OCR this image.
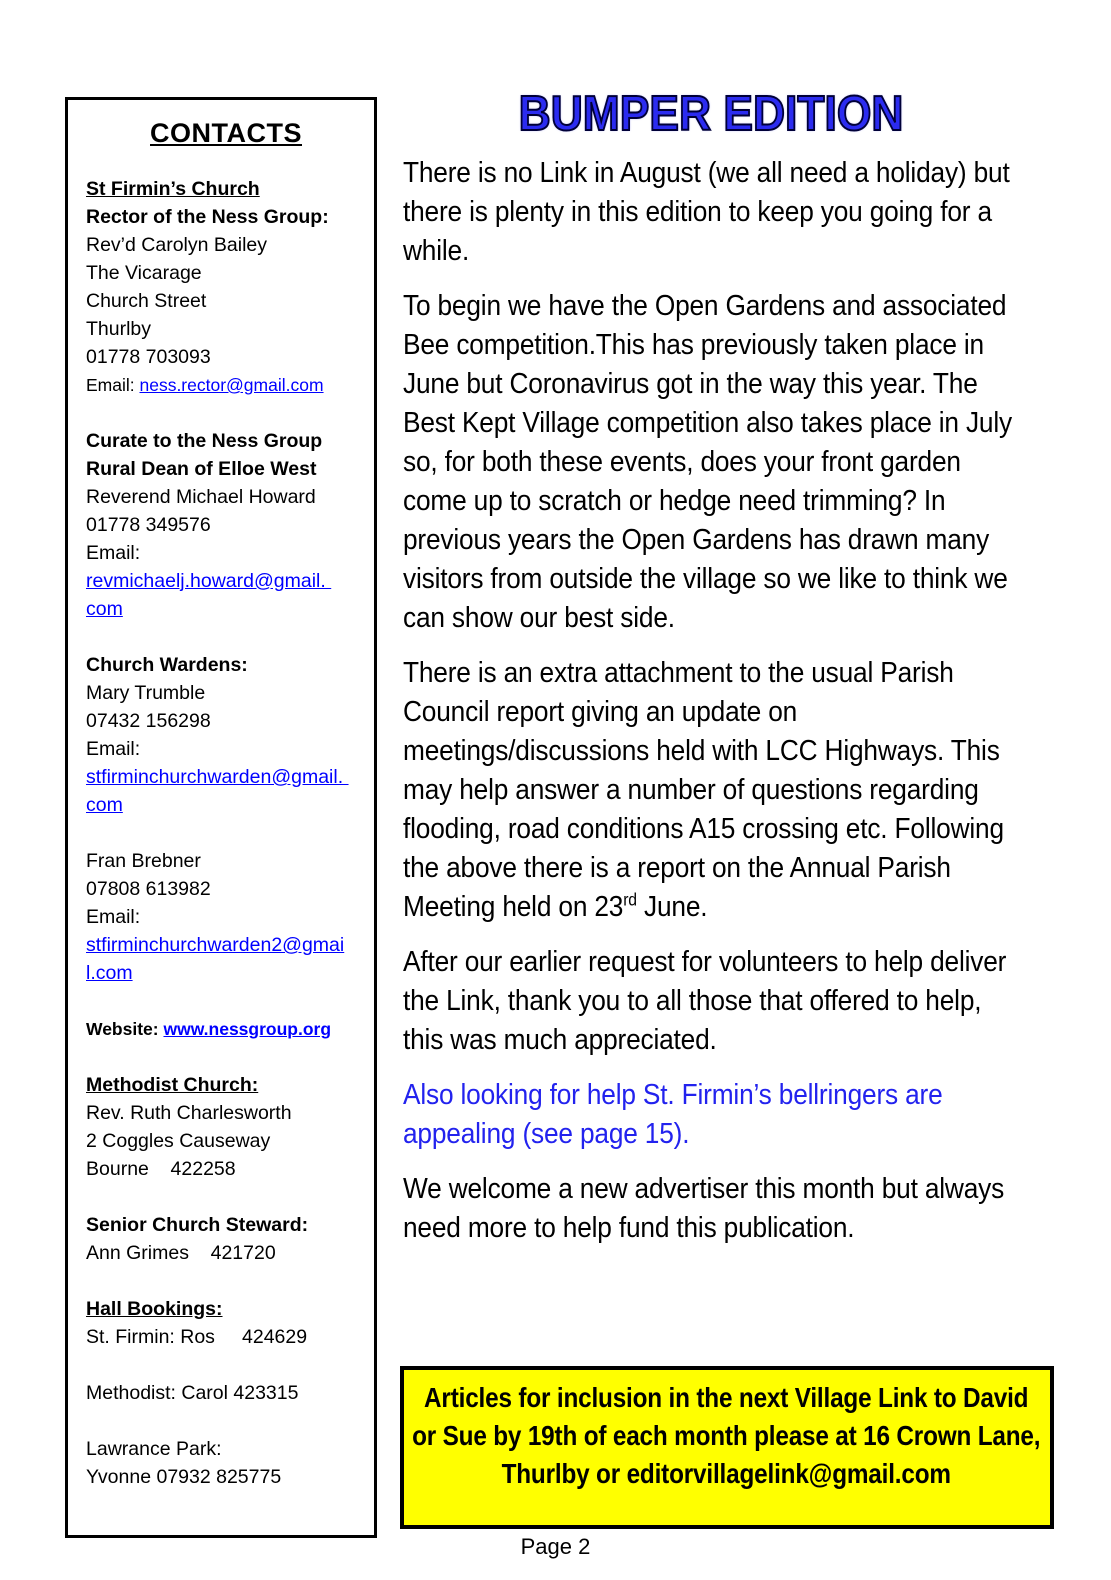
CONTACTS
St Firmin’s Church
Rector of the Ness Group:
Rev’d Carolyn Bailey
The Vicarage
Church Street
Thurlby
01778 703093
Email: ness.rector@gmail.com
Curate to the Ness Group
Rural Dean of Elloe West
Reverend Michael Howard
01778 349576
Email:
revmichaelj.howard@gmail.
com
Church Wardens:
Mary Trumble
07432 156298
Email:
stfirminchurchwarden@gmail.
com
Fran Brebner
07808 613982
Email:
stfirminchurchwarden2@gmai
l.com
Website: www.nessgroup.org
Methodist Church:
Rev. Ruth Charlesworth
2 Coggles Causeway
Bourne    422258
Senior Church Steward:
Ann Grimes    421720
Hall Bookings:
St. Firmin: Ros     424629
Methodist: Carol 423315
Lawrance Park:
Yvonne 07932 825775
BUMPER EDITION

There is no Link in August (we all need a holiday) but there is plenty in this edition to keep you going for a while.

To begin we have the Open Gardens and associated Bee competition.This has previously taken place in June but Coronavirus got in the way this year. The Best Kept Village competition also takes place in July so, for both these events, does your front garden come up to scratch or hedge need trimming? In previous years the Open Gardens has drawn many visitors from outside the village so we like to think we can show our best side.

There is an extra attachment to the usual Parish Council report giving an update on meetings/discussions held with LCC Highways. This may help answer a number of questions regarding flooding, road conditions A15 crossing etc. Following the above there is a report on the Annual Parish Meeting held on 23rd June.

After our earlier request for volunteers to help deliver the Link, thank you to all those that offered to help, this was much appreciated.

Also looking for help St. Firmin’s bellringers are appealing (see page 15).

We welcome a new advertiser this month but always need more to help fund this publication.

Articles for inclusion in the next Village Link to David or Sue by 19th of each month please at 16 Crown Lane, Thurlby or editorvillagelink@gmail.com
Page 2
